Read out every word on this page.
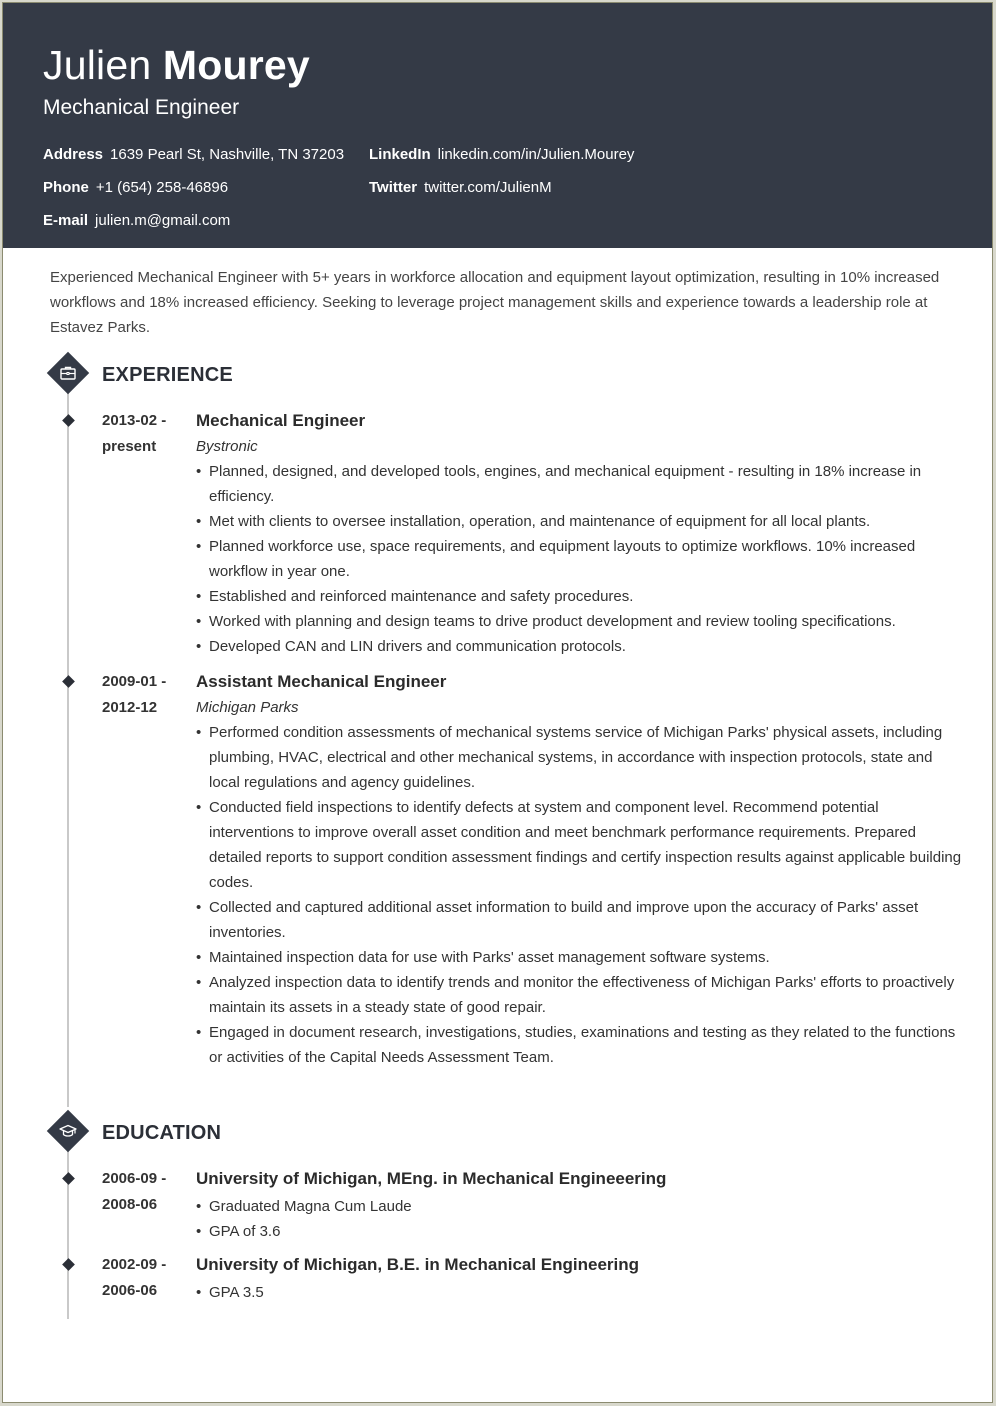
Julien Mourey
Mechanical Engineer
Address 1639 Pearl St, Nashville, TN 37203 LinkedIn linkedin.com/in/Julien.Mourey
Phone +1 (654) 258-46896	Twitter twitter.com/JulienM
E-mail julien.m@gmail.com
Experienced Mechanical Engineer with 5+ years in workforce allocation and equipment layout optimization, resulting in 10% increased workflows and 18% increased efficiency. Seeking to leverage project management skills and experience towards a leadership role at Estavez Parks.
EXPERIENCE
2013-02 -
present
Mechanical Engineer
Bystronic
• Planned, designed, and developed tools, engines, and mechanical equipment - resulting in 18% increase in efficiency.
• Met with clients to oversee installation, operation, and maintenance of equipment for all local plants.
• Planned workforce use, space requirements, and equipment layouts to optimize workflows. 10% increased workflow in year one.
• Established and reinforced maintenance and safety procedures.
• Worked with planning and design teams to drive product development and review tooling specifications.
• Developed CAN and LIN drivers and communication protocols.
2009-01 -
2012-12
Assistant Mechanical Engineer
Michigan Parks
• Performed condition assessments of mechanical systems service of Michigan Parks' physical assets, including plumbing, HVAC, electrical and other mechanical systems, in accordance with inspection protocols, state and local regulations and agency guidelines.
• Conducted field inspections to identify defects at system and component level. Recommend potential interventions to improve overall asset condition and meet benchmark performance requirements. Prepared detailed reports to support condition assessment findings and certify inspection results against applicable building codes.
• Collected and captured additional asset information to build and improve upon the accuracy of Parks' asset inventories.
• Maintained inspection data for use with Parks' asset management software systems.
• Analyzed inspection data to identify trends and monitor the effectiveness of Michigan Parks' efforts to proactively maintain its assets in a steady state of good repair.
• Engaged in document research, investigations, studies, examinations and testing as they related to the functions or activities of the Capital Needs Assessment Team.
EDUCATION
2006-09 -
2008-06
University of Michigan, MEng. in Mechanical Engineeering
• Graduated Magna Cum Laude
• GPA of 3.6
2002-09 -
2006-06
University of Michigan, B.E. in Mechanical Engineering
• GPA 3.5
